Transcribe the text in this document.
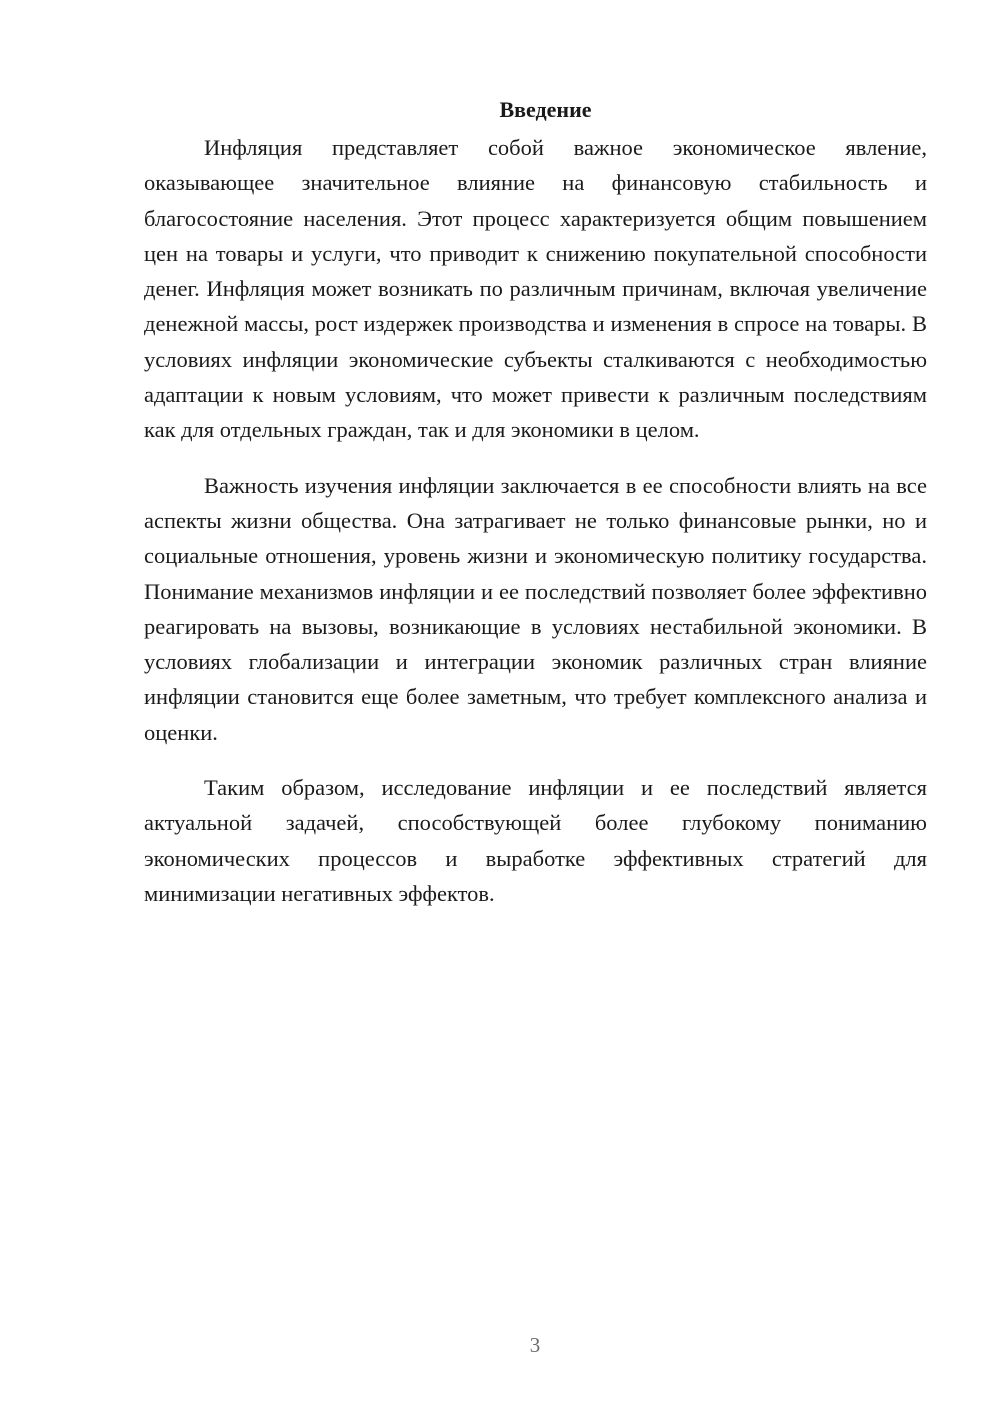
Введение

Инфляция представляет собой важное экономическое явление, оказывающее значительное влияние на финансовую стабильность и благосостояние населения. Этот процесс характеризуется общим повышением цен на товары и услуги, что приводит к снижению покупательной способности денег. Инфляция может возникать по различным причинам, включая увеличение денежной массы, рост издержек производства и изменения в спросе на товары. В условиях инфляции экономические субъекты сталкиваются с необходимостью адаптации к новым условиям, что может привести к различным последствиям как для отдельных граждан, так и для экономики в целом.

Важность изучения инфляции заключается в ее способности влиять на все аспекты жизни общества. Она затрагивает не только финансовые рынки, но и социальные отношения, уровень жизни и экономическую политику государства. Понимание механизмов инфляции и ее последствий позволяет более эффективно реагировать на вызовы, возникающие в условиях нестабильной экономики. В условиях глобализации и интеграции экономик различных стран влияние инфляции становится еще более заметным, что требует комплексного анализа и оценки.

Таким образом, исследование инфляции и ее последствий является актуальной задачей, способствующей более глубокому пониманию экономических процессов и выработке эффективных стратегий для минимизации негативных эффектов.

3
